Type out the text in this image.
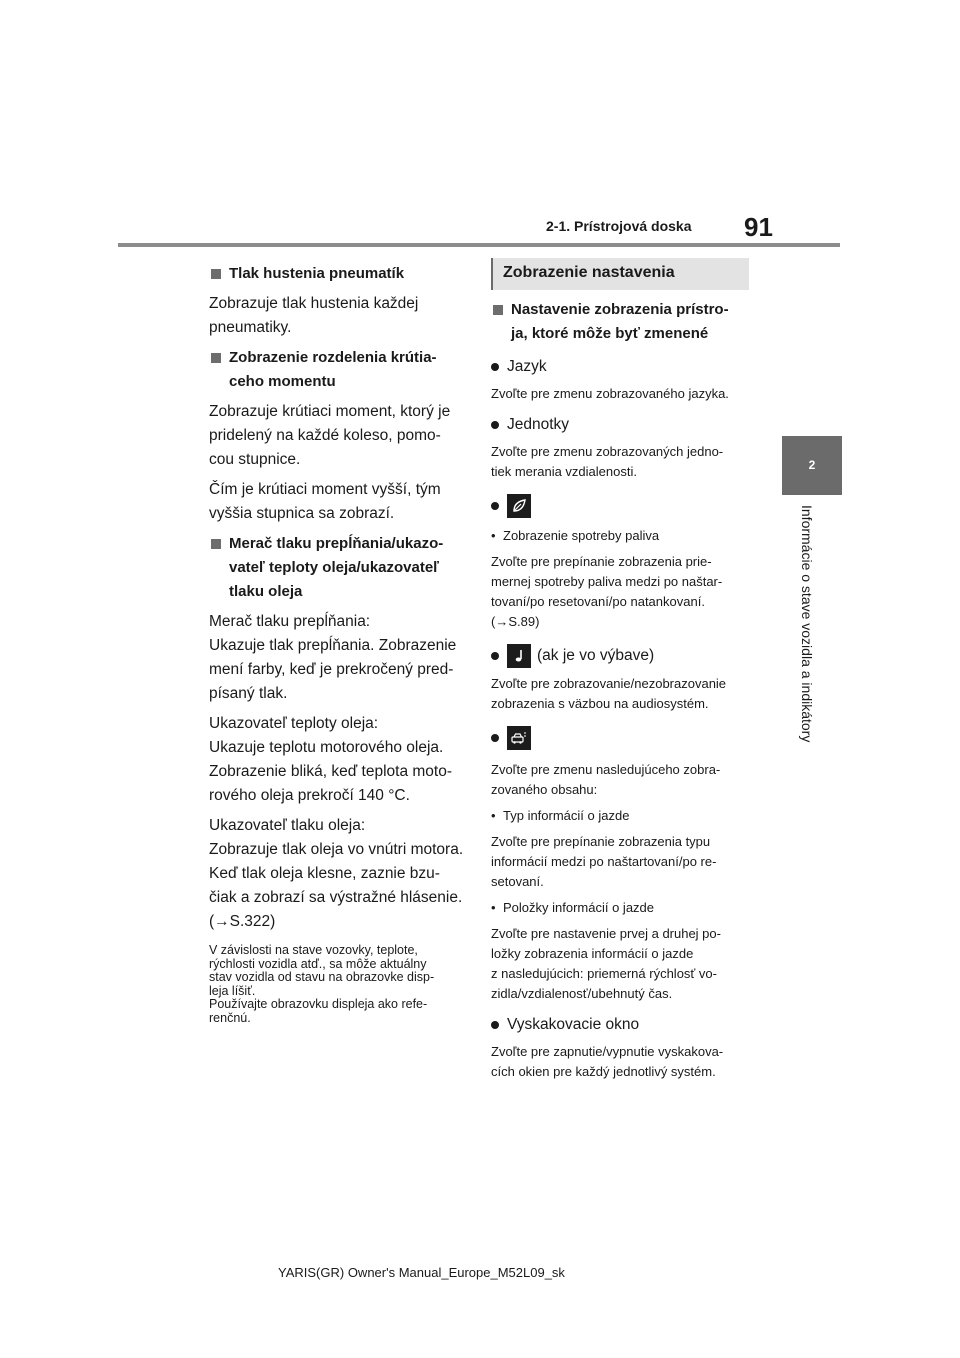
2-1. Prístrojová doska 91
2
Informácie o stave vozidla a indikátory
Tlak hustenia pneumatík
Zobrazuje tlak hustenia každej
pneumatiky.
Zobrazenie rozdelenia krútia-
ceho momentu
Zobrazuje krútiaci moment, ktorý je
pridelený na každé koleso, pomo-
cou stupnice.
Čím je krútiaci moment vyšší, tým
vyššia stupnica sa zobrazí.
Merač tlaku prepĺňania/ukazo-
vateľ teploty oleja/ukazovateľ
tlaku oleja
Merač tlaku prepĺňania:
Ukazuje tlak prepĺňania. Zobrazenie
mení farby, keď je prekročený pred-
písaný tlak.
Ukazovateľ teploty oleja:
Ukazuje teplotu motorového oleja.
Zobrazenie bliká, keď teplota moto-
rového oleja prekročí 140 °C.
Ukazovateľ tlaku oleja:
Zobrazuje tlak oleja vo vnútri motora.
Keď tlak oleja klesne, zaznie bzu-
čiak a zobrazí sa výstražné hlásenie.
(→S.322)
V závislosti na stave vozovky, teplote,
rýchlosti vozidla atď., sa môže aktuálny
stav vozidla od stavu na obrazovke disp-
leja líšiť.
Používajte obrazovku displeja ako refe-
renčnú.
Zobrazenie nastavenia
Nastavenie zobrazenia prístro-
ja, ktoré môže byť zmenené
Jazyk
Zvoľte pre zmenu zobrazovaného jazyka.
Jednotky
Zvoľte pre zmenu zobrazovaných jedno-
tiek merania vzdialenosti.
• Zobrazenie spotreby paliva
Zvoľte pre prepínanie zobrazenia prie-
mernej spotreby paliva medzi po naštar-
tovaní/po resetovaní/po natankovaní.
(→S.89)
(ak je vo výbave)
Zvoľte pre zobrazovanie/nezobrazovanie
zobrazenia s väzbou na audiosystém.
Zvoľte pre zmenu nasledujúceho zobra-
zovaného obsahu:
• Typ informácií o jazde
Zvoľte pre prepínanie zobrazenia typu
informácií medzi po naštartovaní/po re-
setovaní.
• Položky informácií o jazde
Zvoľte pre nastavenie prvej a druhej po-
ložky zobrazenia informácií o jazde
z nasledujúcich: priemerná rýchlosť vo-
zidla/vzdialenosť/ubehnutý čas.
Vyskakovacie okno
Zvoľte pre zapnutie/vypnutie vyskakova-
cích okien pre každý jednotlivý systém.
YARIS(GR) Owner's Manual_Europe_M52L09_sk
